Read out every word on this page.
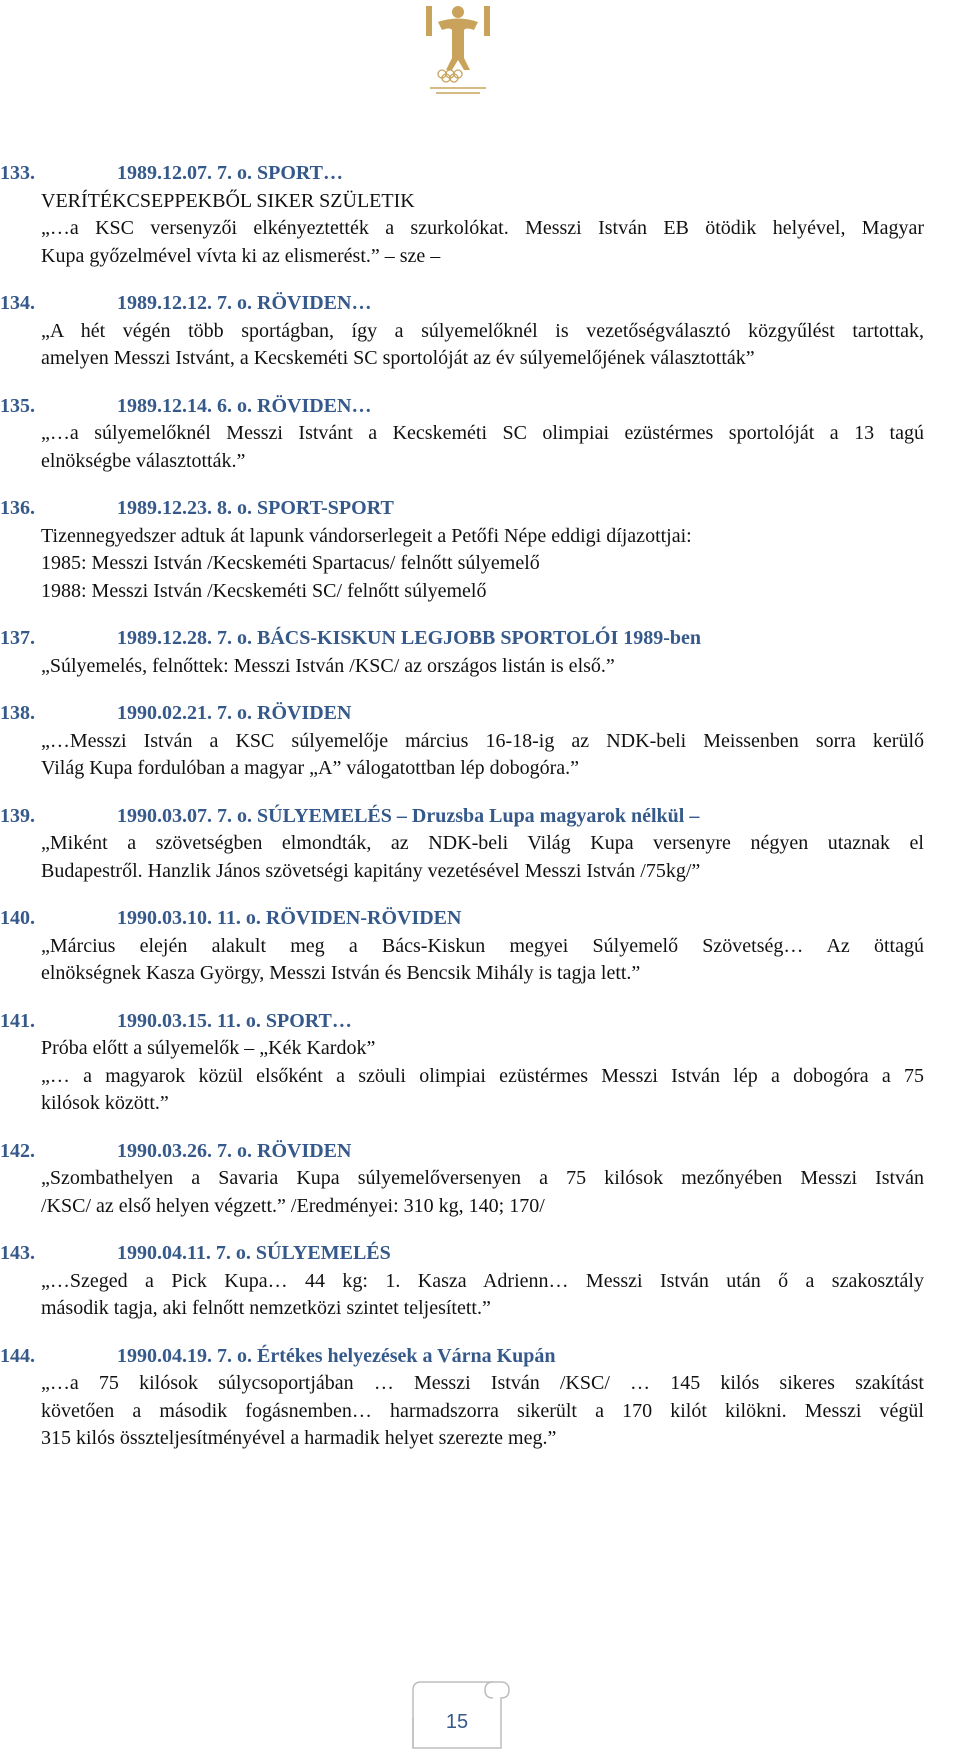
133.	1989.12.07. 7. o. SPORT…
VERÍTÉKCSEPPEKBŐL SIKER SZÜLETIK
„…a KSC versenyzői elkényeztették a szurkolókat. Messzi István EB ötödik helyével, Magyar
Kupa győzelmével vívta ki az elismerést.” – sze –
134.	1989.12.12. 7. o. RÖVIDEN…
„A hét végén több sportágban, így a súlyemelőknél is vezetőségválasztó közgyűlést tartottak,
amelyen Messzi Istvánt, a Kecskeméti SC sportolóját az év súlyemelőjének választották”
135.	1989.12.14. 6. o. RÖVIDEN…
„…a súlyemelőknél Messzi Istvánt a Kecskeméti SC olimpiai ezüstérmes sportolóját a 13 tagú
elnökségbe választották.”
136.	1989.12.23. 8. o. SPORT-SPORT
Tizennegyedszer adtuk át lapunk vándorserlegeit a Petőfi Népe eddigi díjazottjai:
1985: Messzi István /Kecskeméti Spartacus/ felnőtt súlyemelő
1988: Messzi István /Kecskeméti SC/ felnőtt súlyemelő
137.	1989.12.28. 7. o. BÁCS-KISKUN LEGJOBB SPORTOLÓI 1989-ben
„Súlyemelés, felnőttek: Messzi István /KSC/ az országos listán is első.”
138.	1990.02.21. 7. o. RÖVIDEN
„…Messzi István a KSC súlyemelője március 16-18-ig az NDK-beli Meissenben sorra kerülő
Világ Kupa fordulóban a magyar „A” válogatottban lép dobogóra.”
139.	1990.03.07. 7. o. SÚLYEMELÉS – Druzsba Lupa magyarok nélkül –
„Miként a szövetségben elmondták, az NDK-beli Világ Kupa versenyre négyen utaznak el
Budapestről. Hanzlik János szövetségi kapitány vezetésével Messzi István /75kg/”
140.	1990.03.10. 11. o. RÖVIDEN-RÖVIDEN
„Március elején alakult meg a Bács-Kiskun megyei Súlyemelő Szövetség… Az öttagú
elnökségnek Kasza György, Messzi István és Bencsik Mihály is tagja lett.”
141.	1990.03.15. 11. o. SPORT…
Próba előtt a súlyemelők – „Kék Kardok”
„… a magyarok közül elsőként a szöuli olimpiai ezüstérmes Messzi István lép a dobogóra a 75
kilósok között.”
142.	1990.03.26. 7. o. RÖVIDEN
„Szombathelyen a Savaria Kupa súlyemelőversenyen a 75 kilósok mezőnyében Messzi István
/KSC/ az első helyen végzett.” /Eredményei: 310 kg, 140; 170/
143.	1990.04.11. 7. o. SÚLYEMELÉS
„…Szeged a Pick Kupa… 44 kg: 1. Kasza Adrienn… Messzi István után ő a szakosztály
második tagja, aki felnőtt nemzetközi szintet teljesített.”
144.	1990.04.19. 7. o. Értékes helyezések a Várna Kupán
„…a 75 kilósok súlycsoportjában … Messzi István /KSC/ … 145 kilós sikeres szakítást
követően a második fogásnemben… harmadszorra sikerült a 170 kilót kilökni. Messzi végül
315 kilós összteljesítményével a harmadik helyet szerezte meg.”
15
